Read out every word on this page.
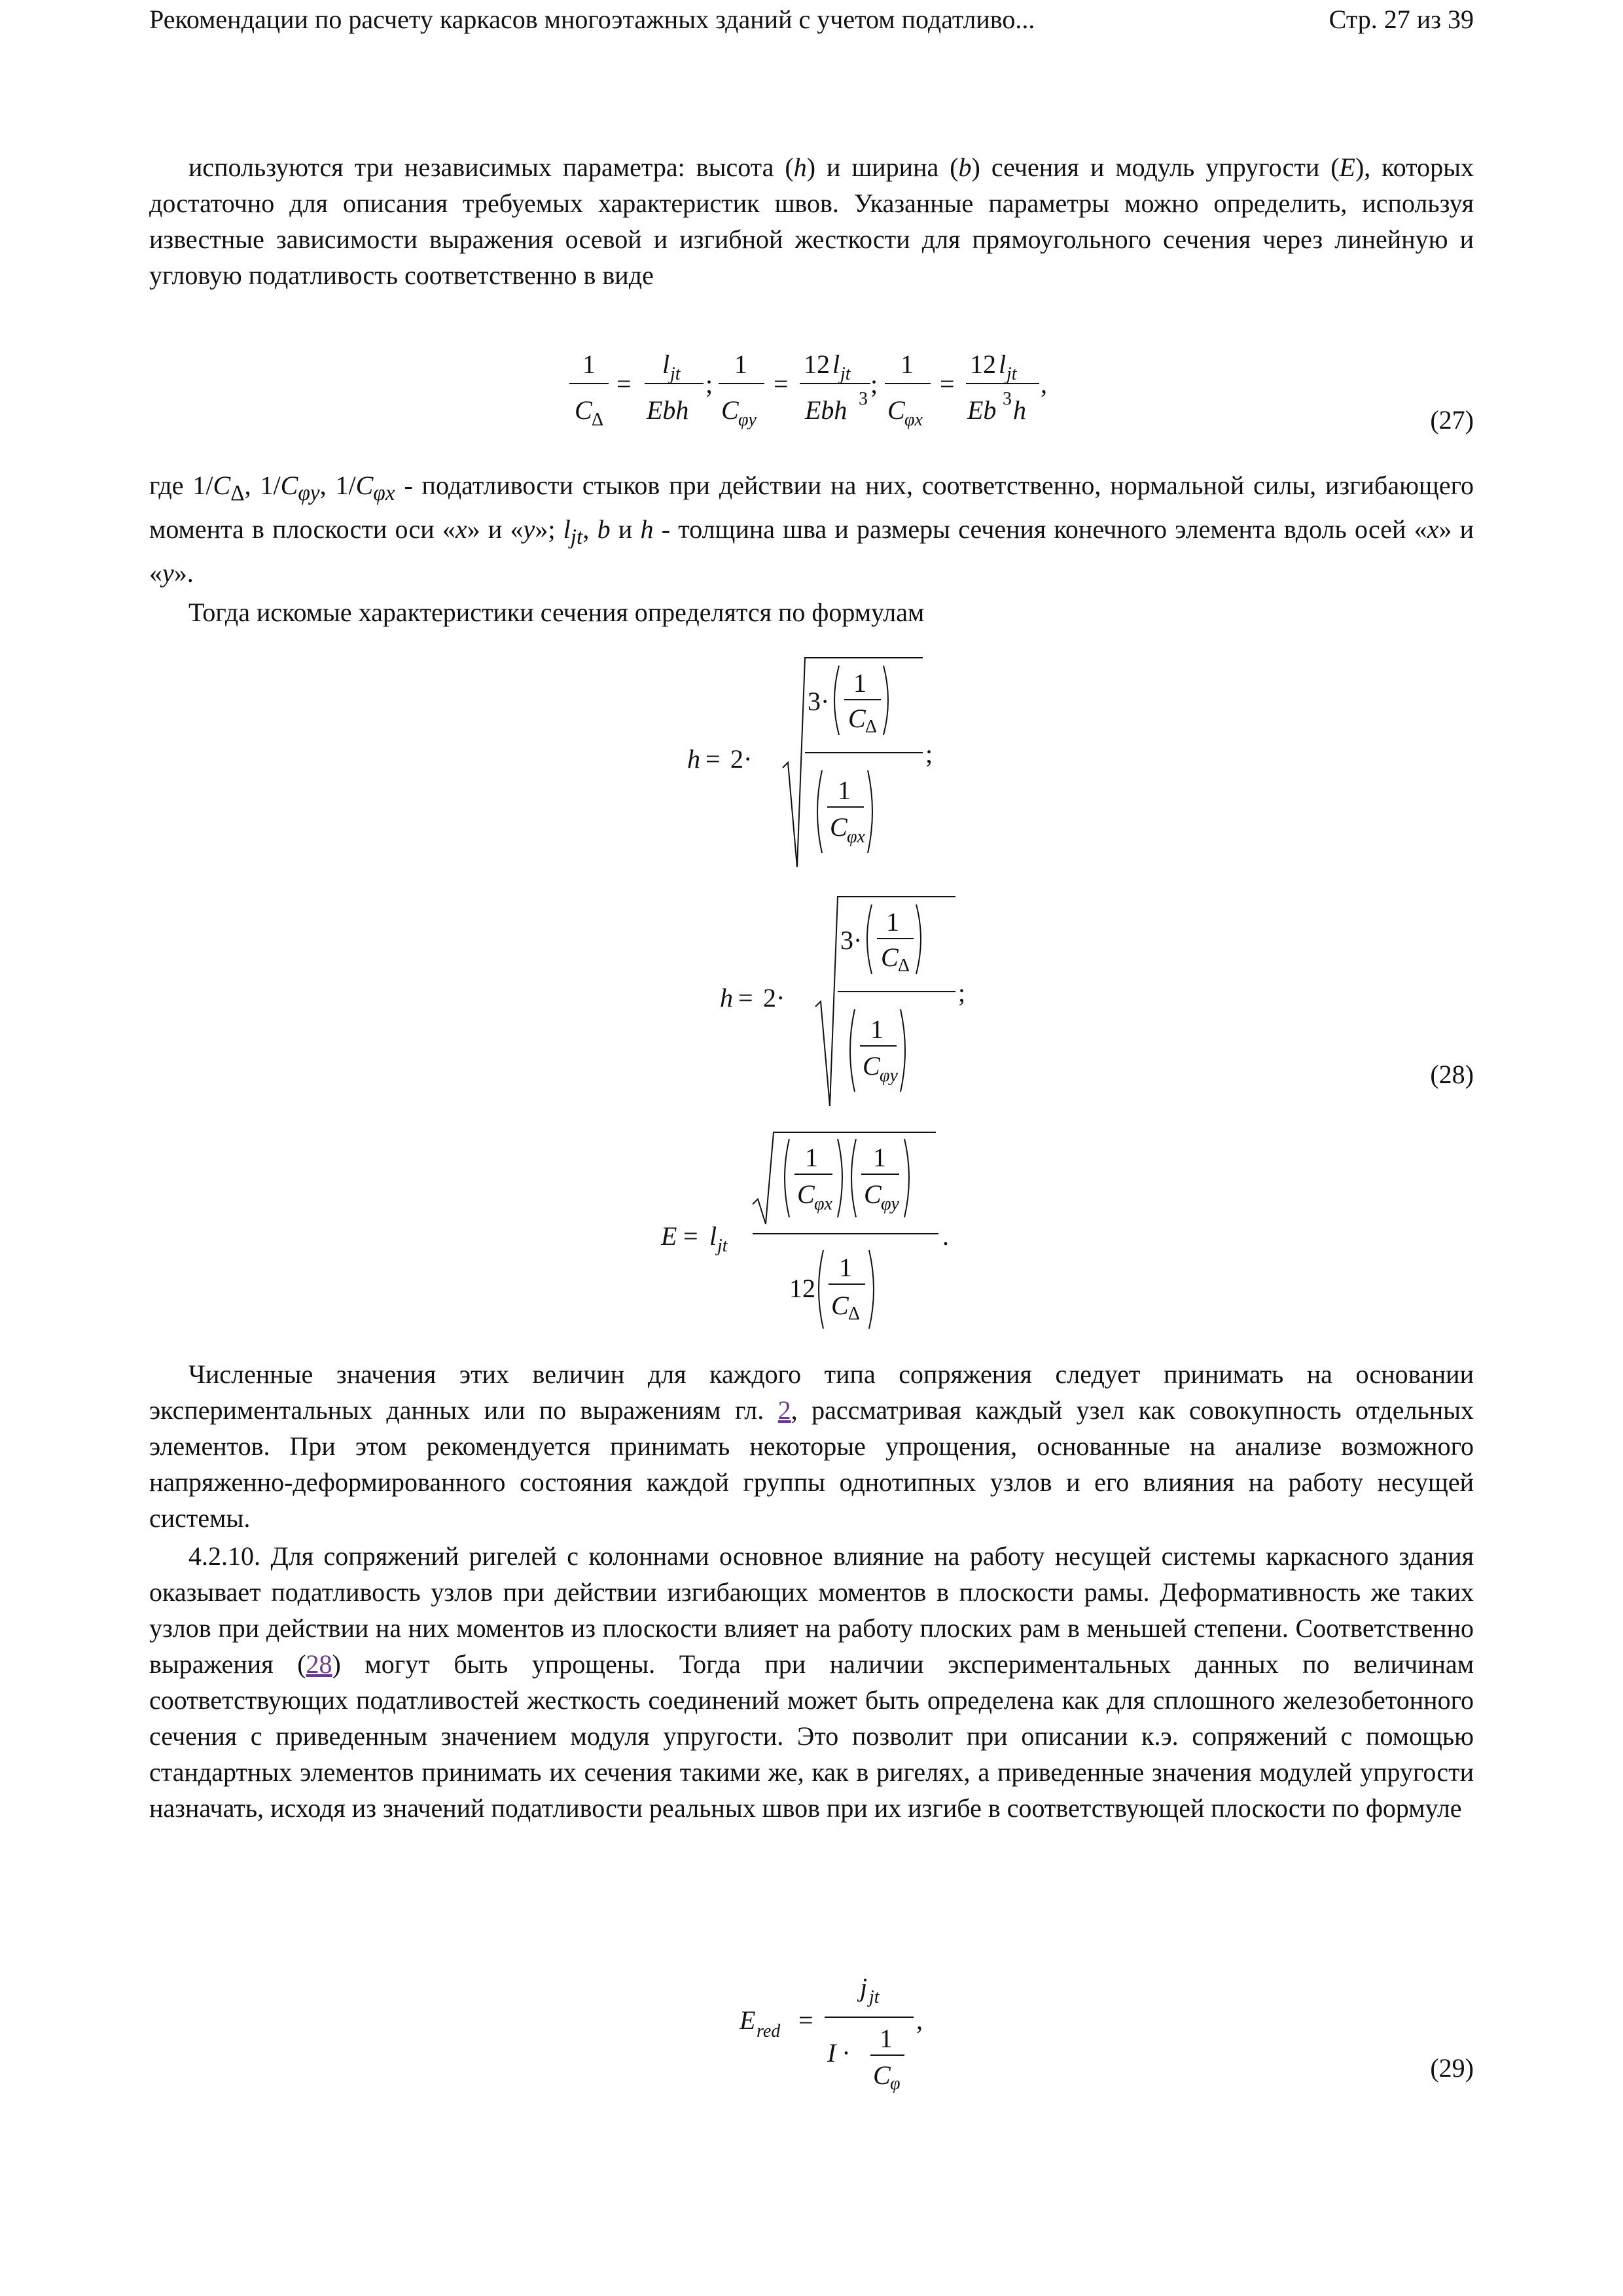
Рекомендации по расчету каркасов многоэтажных зданий с учетом податливо...	Стр. 27 из 39

используются три независимых параметра: высота (h) и ширина (b) сечения и модуль упругости (E), которых достаточно для описания требуемых характеристик швов. Указанные параметры можно определить, используя известные зависимости выражения осевой и изгибной жесткости для прямоугольного сечения через линейную и угловую податливость соответственно в виде

1
C Δ
=
l jt
Ebh
;
1
C φy
=
12 l jt
Ebh 3
;
1
C φx
=
12 l jt
Eb 3 h
,
(27)

где $1/C_\Delta$, $1/C_{\varphi y}$, $1/C_{\varphi x}$ - податливости стыков при действии на них, соответственно, нормальной силы, изгибающего момента в плоскости оси «x» и «y»; $l_{jt}$, b и h - толщина шва и размеры сечения конечного элемента вдоль осей «x» и «y».

Тогда искомые характеристики сечения определятся по формулам

h = 2·
3·
1
C Δ
;
1
C φx
h = 2·
3·
1
C Δ
;
1
C φy	(28)
E = l jt
1
C φx
1
C φy
.
12
1
C Δ

Численные значения этих величин для каждого типа сопряжения следует принимать на основании экспериментальных данных или по выражениям гл. 2, рассматривая каждый узел как совокупность отдельных элементов. При этом рекомендуется принимать некоторые упрощения, основанные на анализе возможного напряженно-деформированного состояния каждой группы однотипных узлов и его влияния на работу несущей системы.

4.2.10. Для сопряжений ригелей с колоннами основное влияние на работу несущей системы каркасного здания оказывает податливость узлов при действии изгибающих моментов в плоскости рамы. Деформативность же таких узлов при действии на них моментов из плоскости влияет на работу плоских рам в меньшей степени. Соответственно выражения (28) могут быть упрощены. Тогда при наличии экспериментальных данных по величинам соответствующих податливостей жесткость соединений может быть определена как для сплошного железобетонного сечения с приведенным значением модуля упругости. Это позволит при описании к.э. сопряжений с помощью стандартных элементов принимать их сечения такими же, как в ригелях, а приведенные значения модулей упругости назначать, исходя из значений податливости реальных швов при их изгибе в соответствующей плоскости по формуле

E red =
j jt
,
I · 1
C φ
(29)
